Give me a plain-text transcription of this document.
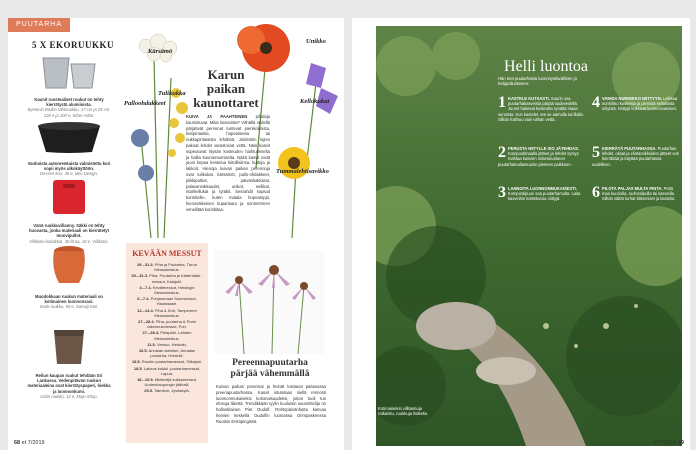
PUUTARHA
5 X EKORUUKKU
Kaunit ruostealiset ruukut on tehty kierrätystä alumiinista.
Byetonin Brukin tähtiruukku, 17 cm ja 25 cm, 128 e ja 200 e, Kiber-Aiitta.
Vanhoista autonrenkaista valmistettu kori sopii myös ulkokäyttöön.
Dessen kori, 45 e, Miio Design.
Vänä ruukkuvillanny. Säkki on tehty huovasta, jonka materiaali on kierrätetyt muovipullot.
Villikotio-kotiakkiä, 30 litraa, 18 e, Villikotio.
Muodokkaan ruukun materiaali on kotimainen luonnonsavi.
Souk-ruukku, 50 e, Samuji Koti.
Reilun kaupan ruukut tehdään Sri Lankassa. Vedenpitävän ruukun materiaaleina ovat kierrätyspaperi, hiekka ja luonnonkumi.
Oolin ruukku, 12 e, Mojo Shop.
Kärsämö
Tulikukka
Palloohdakkeet
Unikko
Kellokukat
Tummalehtisavikko
Karun
paikan
kaunottaret
KUIVA JA PAAHTEINEN pihalaja kaunistuvat. Mikä kasvoista? Vähällä vedellä pärjäävät perennat tuntevat pienikokoista, tiiviipintaista, hopeaisesta tai nukkapintaisista lehdistä. Joidenkin lajien pakoat lehdet varastoivat vettä. Näin kasvit sopeutuvat löysän kosteuden haihtumiselta ja hallia kuumentumiselta. Näitä kasvit eivät juoni kepaa kestelua kiitollisiinsa, kutteja ja lakkoit. Hienoja kuivan paikan perennoja ovat tulikukat, kärsämöt, pallo-ohdakkeet, piikkiputket, päivänkakkarat, palavanrakkaudet, unikot, neilikat, ritarikellukat ja tyräkit. Sesrahdit sopivat korisheille, kuten matala hopeatoppi, hienosäikeinen kuparisara ja nonmetrinen veneilitää korisbitaa.
KEVÄÄN MESSUT
29.–31.3. Piha ja Puutarha, Turun Messukeskus.
30.–31.3. Piha, Puutarha ja Kädentaito -messut, Kalajoki.
4.–7.4. Kevätmessut, Helsingin Messukeskus.
6.–7.4. Pohjanmaan Suurmessut, Hautasaari.
12.–14.4. Piha & Koti, Tampereen Messukeskus.
27.–28.4. Piha, puutarha & Porin rakennusmessut, Pori.
27.–28.4. Pihapäiri, Lahden Messukeskus.
11.5. Versoo, Helsinki.
16.5. Annalan taimitori, Annalan puutarha, Helsinki.
18.5. Ruukin puutarhamessut, Siikajoki.
18.5. Lakeus kukkii -puutarhamessut, Lapua.
18.–19.5. Mielimiljä kukkamessut, Uudenkaupungin jäähalli.
25.5. Taimitori, Jyväskylä.
Pereennapuutarha
pärjää vähemmällä
Kuivan paikan perennat ja heinät loistavat pääosassa preeriapuutarhassa. Kasvit istutetaan siellä rennosti luonnonmukaiseksi kokonaisuudeksi, joiton tuoli tuo elosuja liikettä. Trendikkään tyylin kuuluisin suunnittelija on hollantilainen Piet Oudolf. Rohtopäivänhattu kasvaa heinien keskellä Oudolfin luomassa Orimpaskenssa Ruotsin Enköpingissä.
68 et 7/2019
Helli luontoa
Hän teet puutarhasta luonnoystävällisen jo helppoilustoisen:
1 KASTELE KUTSASTI. Suurin osa puutarhakasveista pärjää sadevedellä. Juuret hakevat kosteutta syvältä maan sunnista. Kun kastelet, tee se aamulla tai illalla. Silloin haihtuu vain vähän vettä.
2 PERUSTA NIITYLLE ISO JÄTEHDAS. Kompostimaalla jätteet ja lehdet syntyy mahtaa kasvien mikesisunkeen puutarhamullamuuriin pieneen paikkoon.
3 LANNOITA LUONNONMUKAISESTI. Kompostipuuri saa puutarhamulta. Laita kasveihin kotitekoisia niittyjä.
4 VAIHDA NURMIKKO NIITTYYN. Leikkaa nurmikko kosteista ja pienistä sellaisista niityistä. Niittyjä kukkivat luonnonvaloiset.
5 KIERRÄTÄ PUUTARHASSA. Puutarhan lehdet, oksat ja elintarvikkeiden jätteet voit kierrättää ja käyttää puutarhassa uudelleen.
6 PILOTA PALJAS MULTA PINTA. Peitä maa kuoriolla, ruohosilpulla tai kasveilla. Silloin vältät turhat kitkemiset ja kastelut.
Kotimaiseksi villitaimuja ratkaistu, ruukkuja lisäteke.
et 7/2019 69
